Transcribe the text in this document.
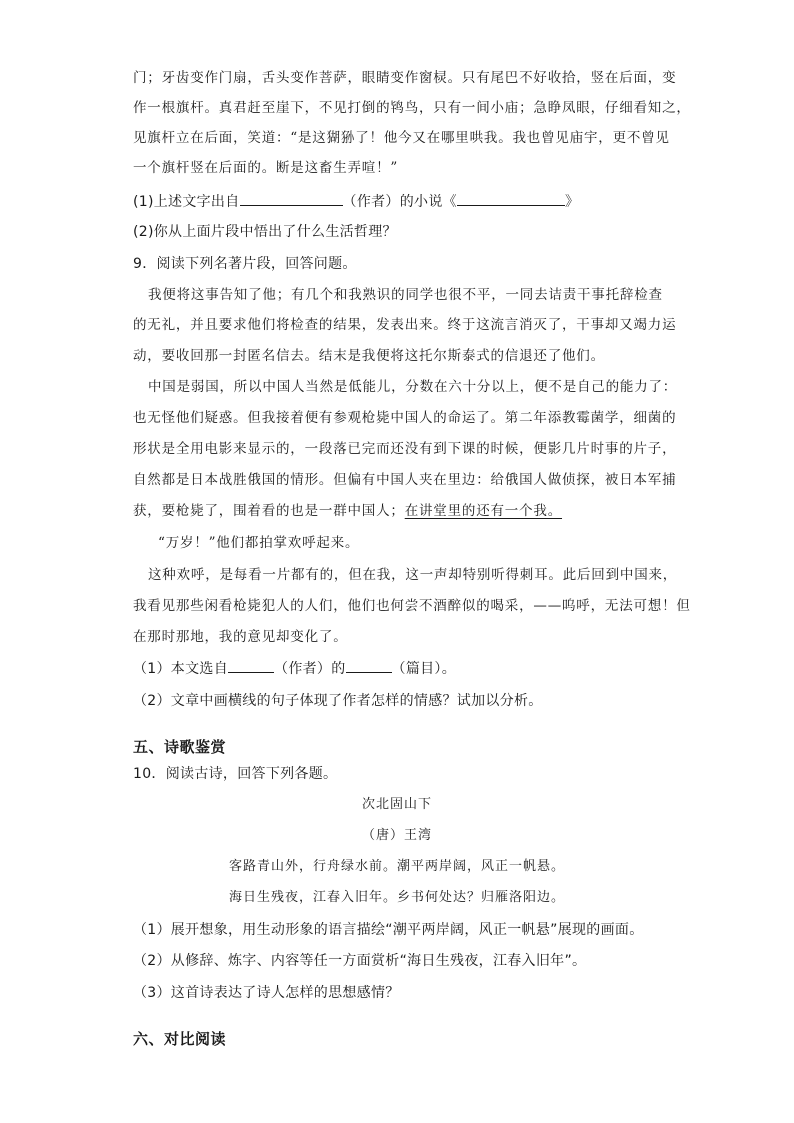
门；牙齿变作门扇，舌头变作菩萨，眼睛变作窗棂。只有尾巴不好收拾，竖在后面，变
作一根旗杆。真君赶至崖下，不见打倒的鸨鸟，只有一间小庙；急睁凤眼，仔细看知之，
见旗杆立在后面，笑道：“是这猢狲了！他今又在哪里哄我。我也曾见庙宇，更不曾见
一个旗杆竖在后面的。断是这畜生弄喧！”
(1)上述文字出自	（作者）的小说《	》
(2)你从上面片段中悟出了什么生活哲理？
9．阅读下列名著片段，回答问题。
我便将这事告知了他；有几个和我熟识的同学也很不平，一同去诘责干事托辞检查
的无礼，并且要求他们将检查的结果，发表出来。终于这流言消灭了，干事却又竭力运
动，要收回那一封匿名信去。结末是我便将这托尔斯泰式的信退还了他们。
中国是弱国，所以中国人当然是低能儿，分数在六十分以上，便不是自己的能力了：
也无怪他们疑惑。但我接着便有参观枪毙中国人的命运了。第二年添教霉菌学，细菌的
形状是全用电影来显示的，一段落已完而还没有到下课的时候，便影几片时事的片子，
自然都是日本战胜俄国的情形。但偏有中国人夹在里边：给俄国人做侦探，被日本军捕
获，要枪毙了，围着看的也是一群中国人；在讲堂里的还有一个我。
“万岁！”他们都拍掌欢呼起来。
这种欢呼，是每看一片都有的，但在我，这一声却特别听得刺耳。此后回到中国来，
我看见那些闲看枪毙犯人的人们，他们也何尝不酒醉似的喝采，——呜呼，无法可想！但
在那时那地，我的意见却变化了。
（1）本文选自	（作者）的	（篇目）。
（2）文章中画横线的句子体现了作者怎样的情感？试加以分析。
五、诗歌鉴赏
10．阅读古诗，回答下列各题。
次北固山下
（唐）王湾
客路青山外，行舟绿水前。潮平两岸阔，风正一帆悬。
海日生残夜，江春入旧年。乡书何处达？归雁洛阳边。
（1）展开想象，用生动形象的语言描绘“潮平两岸阔，风正一帆悬”展现的画面。
（2）从修辞、炼字、内容等任一方面赏析“海日生残夜，江春入旧年”。
（3）这首诗表达了诗人怎样的思想感情？
六、对比阅读
